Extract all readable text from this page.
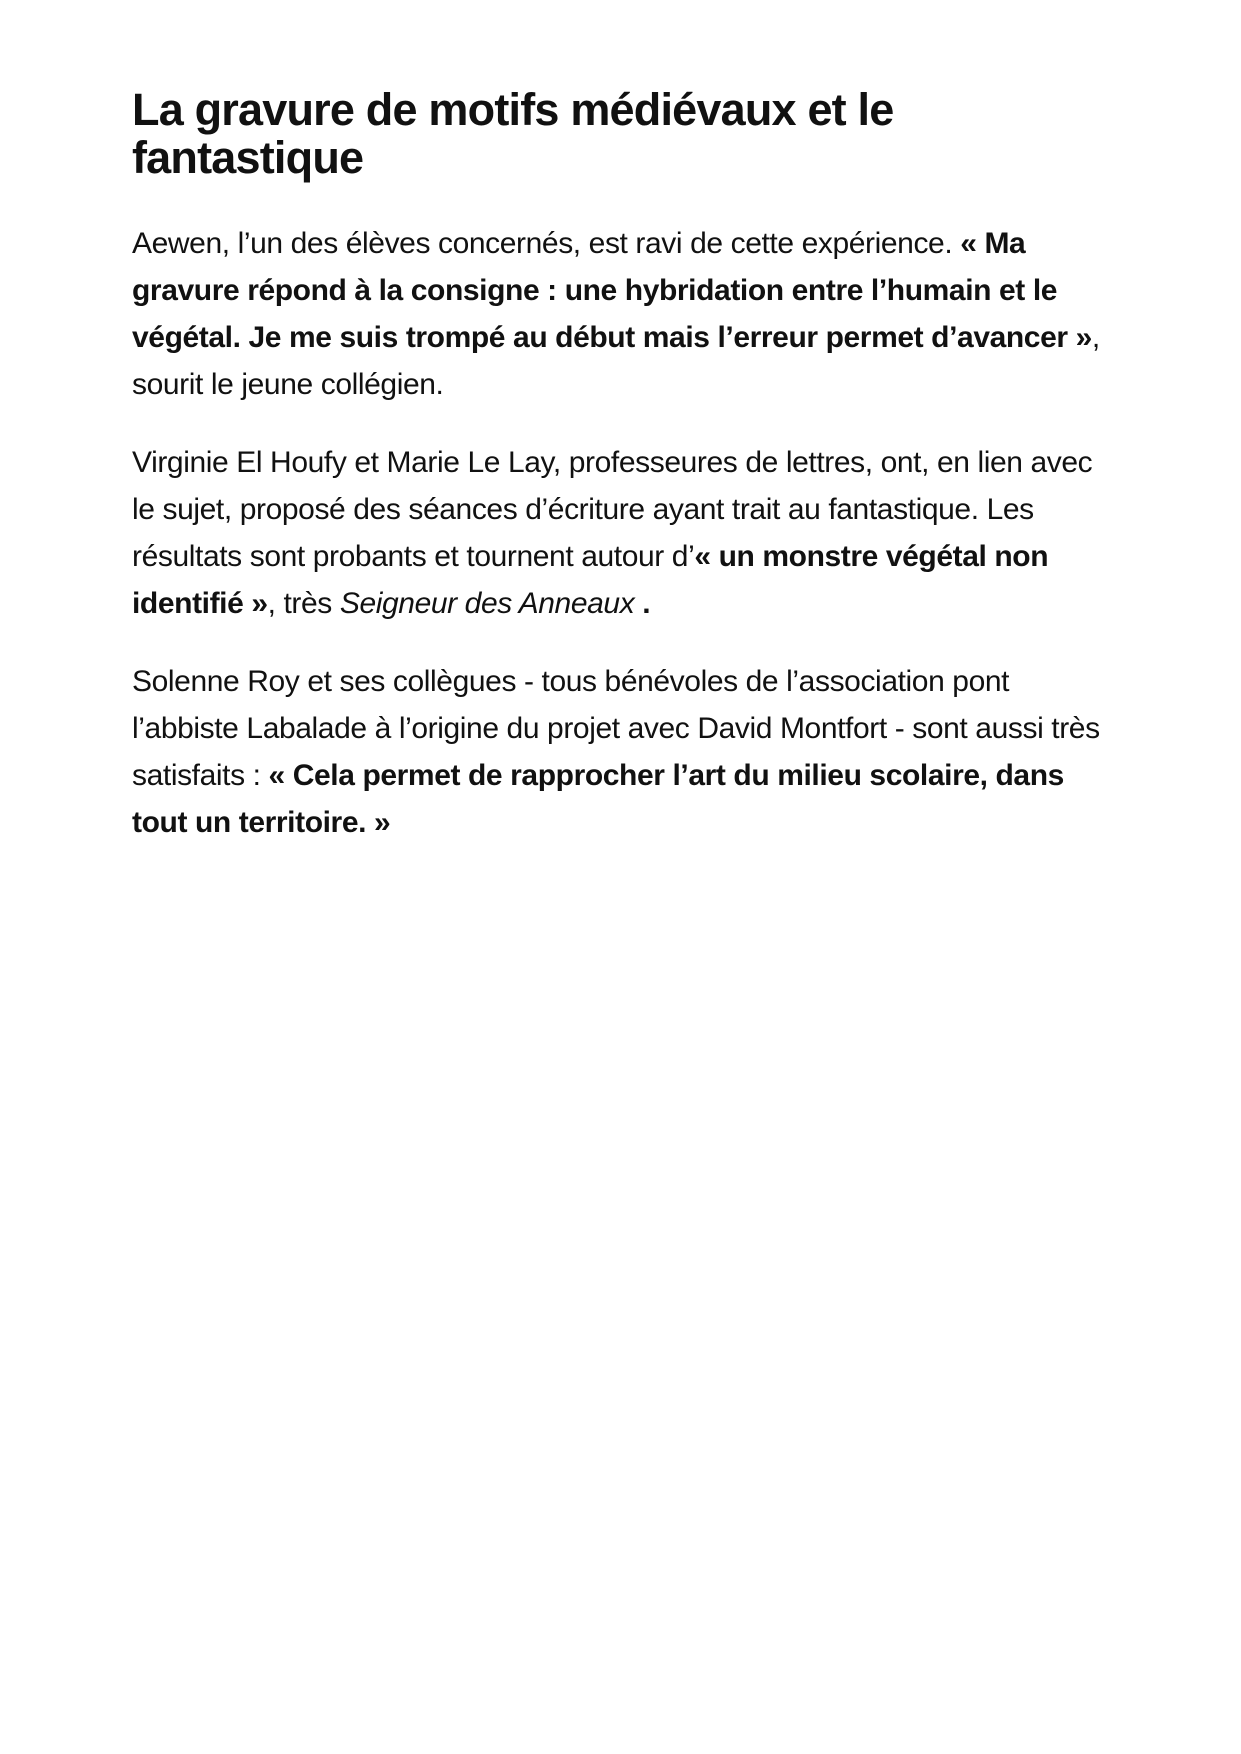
La gravure de motifs médiévaux et le fantastique

Aewen, l’un des élèves concernés, est ravi de cette expérience. « Ma gravure répond à la consigne : une hybridation entre l’humain et le végétal. Je me suis trompé au début mais l’erreur permet d’avancer », sourit le jeune collégien.

Virginie El Houfy et Marie Le Lay, professeures de lettres, ont, en lien avec le sujet, proposé des séances d’écriture ayant trait au fantastique. Les résultats sont probants et tournent autour d’« un monstre végétal non identifié », très Seigneur des Anneaux .

Solenne Roy et ses collègues - tous bénévoles de l’association pont l’abbiste Labalade à l’origine du projet avec David Montfort - sont aussi très satisfaits : « Cela permet de rapprocher l’art du milieu scolaire, dans tout un territoire. »
